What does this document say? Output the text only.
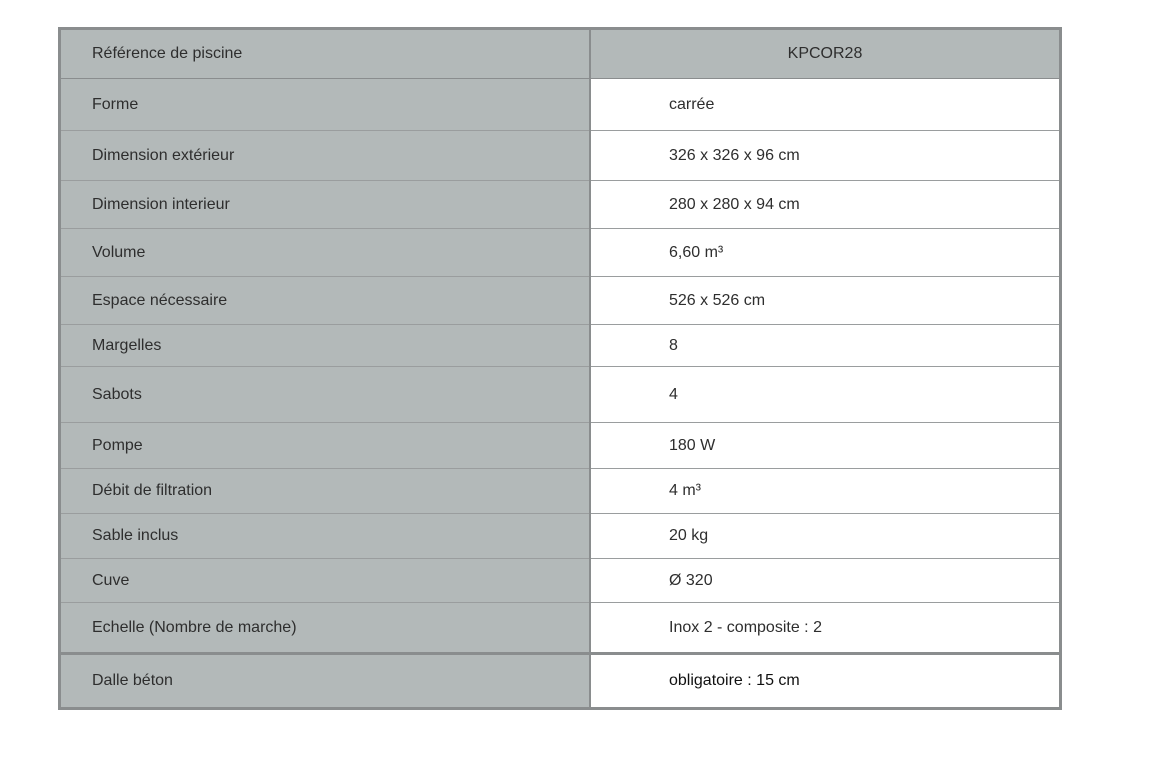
Référence de piscine	KPCOR28
Forme	carrée
Dimension extérieur	326 x 326 x 96 cm
Dimension interieur	280 x 280 x 94 cm
Volume	6,60 m³
Espace nécessaire	526 x 526 cm
Margelles	8
Sabots	4
Pompe	180 W
Débit de filtration	4 m³
Sable inclus	20 kg
Cuve	Ø 320
Echelle (Nombre de marche)	Inox 2 - composite : 2
Dalle béton	obligatoire : 15 cm
